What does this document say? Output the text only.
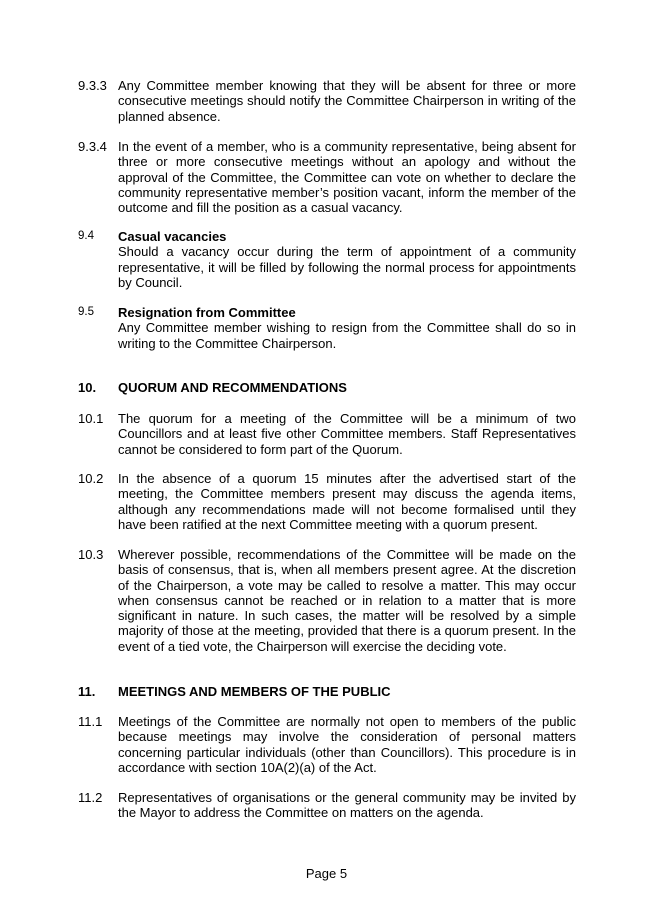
9.3.3 Any Committee member knowing that they will be absent for three or more consecutive meetings should notify the Committee Chairperson in writing of the planned absence.
9.3.4 In the event of a member, who is a community representative, being absent for three or more consecutive meetings without an apology and without the approval of the Committee, the Committee can vote on whether to declare the community representative member’s position vacant, inform the member of the outcome and fill the position as a casual vacancy.
9.4	Casual vacancies
Should a vacancy occur during the term of appointment of a community representative, it will be filled by following the normal process for appointments by Council.
9.5	Resignation from Committee
Any Committee member wishing to resign from the Committee shall do so in writing to the Committee Chairperson.
10. QUORUM AND RECOMMENDATIONS
10.1	The quorum for a meeting of the Committee will be a minimum of two Councillors and at least five other Committee members. Staff Representatives cannot be considered to form part of the Quorum.
10.2	In the absence of a quorum 15 minutes after the advertised start of the meeting, the Committee members present may discuss the agenda items, although any recommendations made will not become formalised until they have been ratified at the next Committee meeting with a quorum present.
10.3	Wherever possible, recommendations of the Committee will be made on the basis of consensus, that is, when all members present agree. At the discretion of the Chairperson, a vote may be called to resolve a matter. This may occur when consensus cannot be reached or in relation to a matter that is more significant in nature. In such cases, the matter will be resolved by a simple majority of those at the meeting, provided that there is a quorum present. In the event of a tied vote, the Chairperson will exercise the deciding vote.
11. MEETINGS AND MEMBERS OF THE PUBLIC
11.1	Meetings of the Committee are normally not open to members of the public because meetings may involve the consideration of personal matters concerning particular individuals (other than Councillors). This procedure is in accordance with section 10A(2)(a) of the Act.
11.2	Representatives of organisations or the general community may be invited by the Mayor to address the Committee on matters on the agenda.
Page 5
